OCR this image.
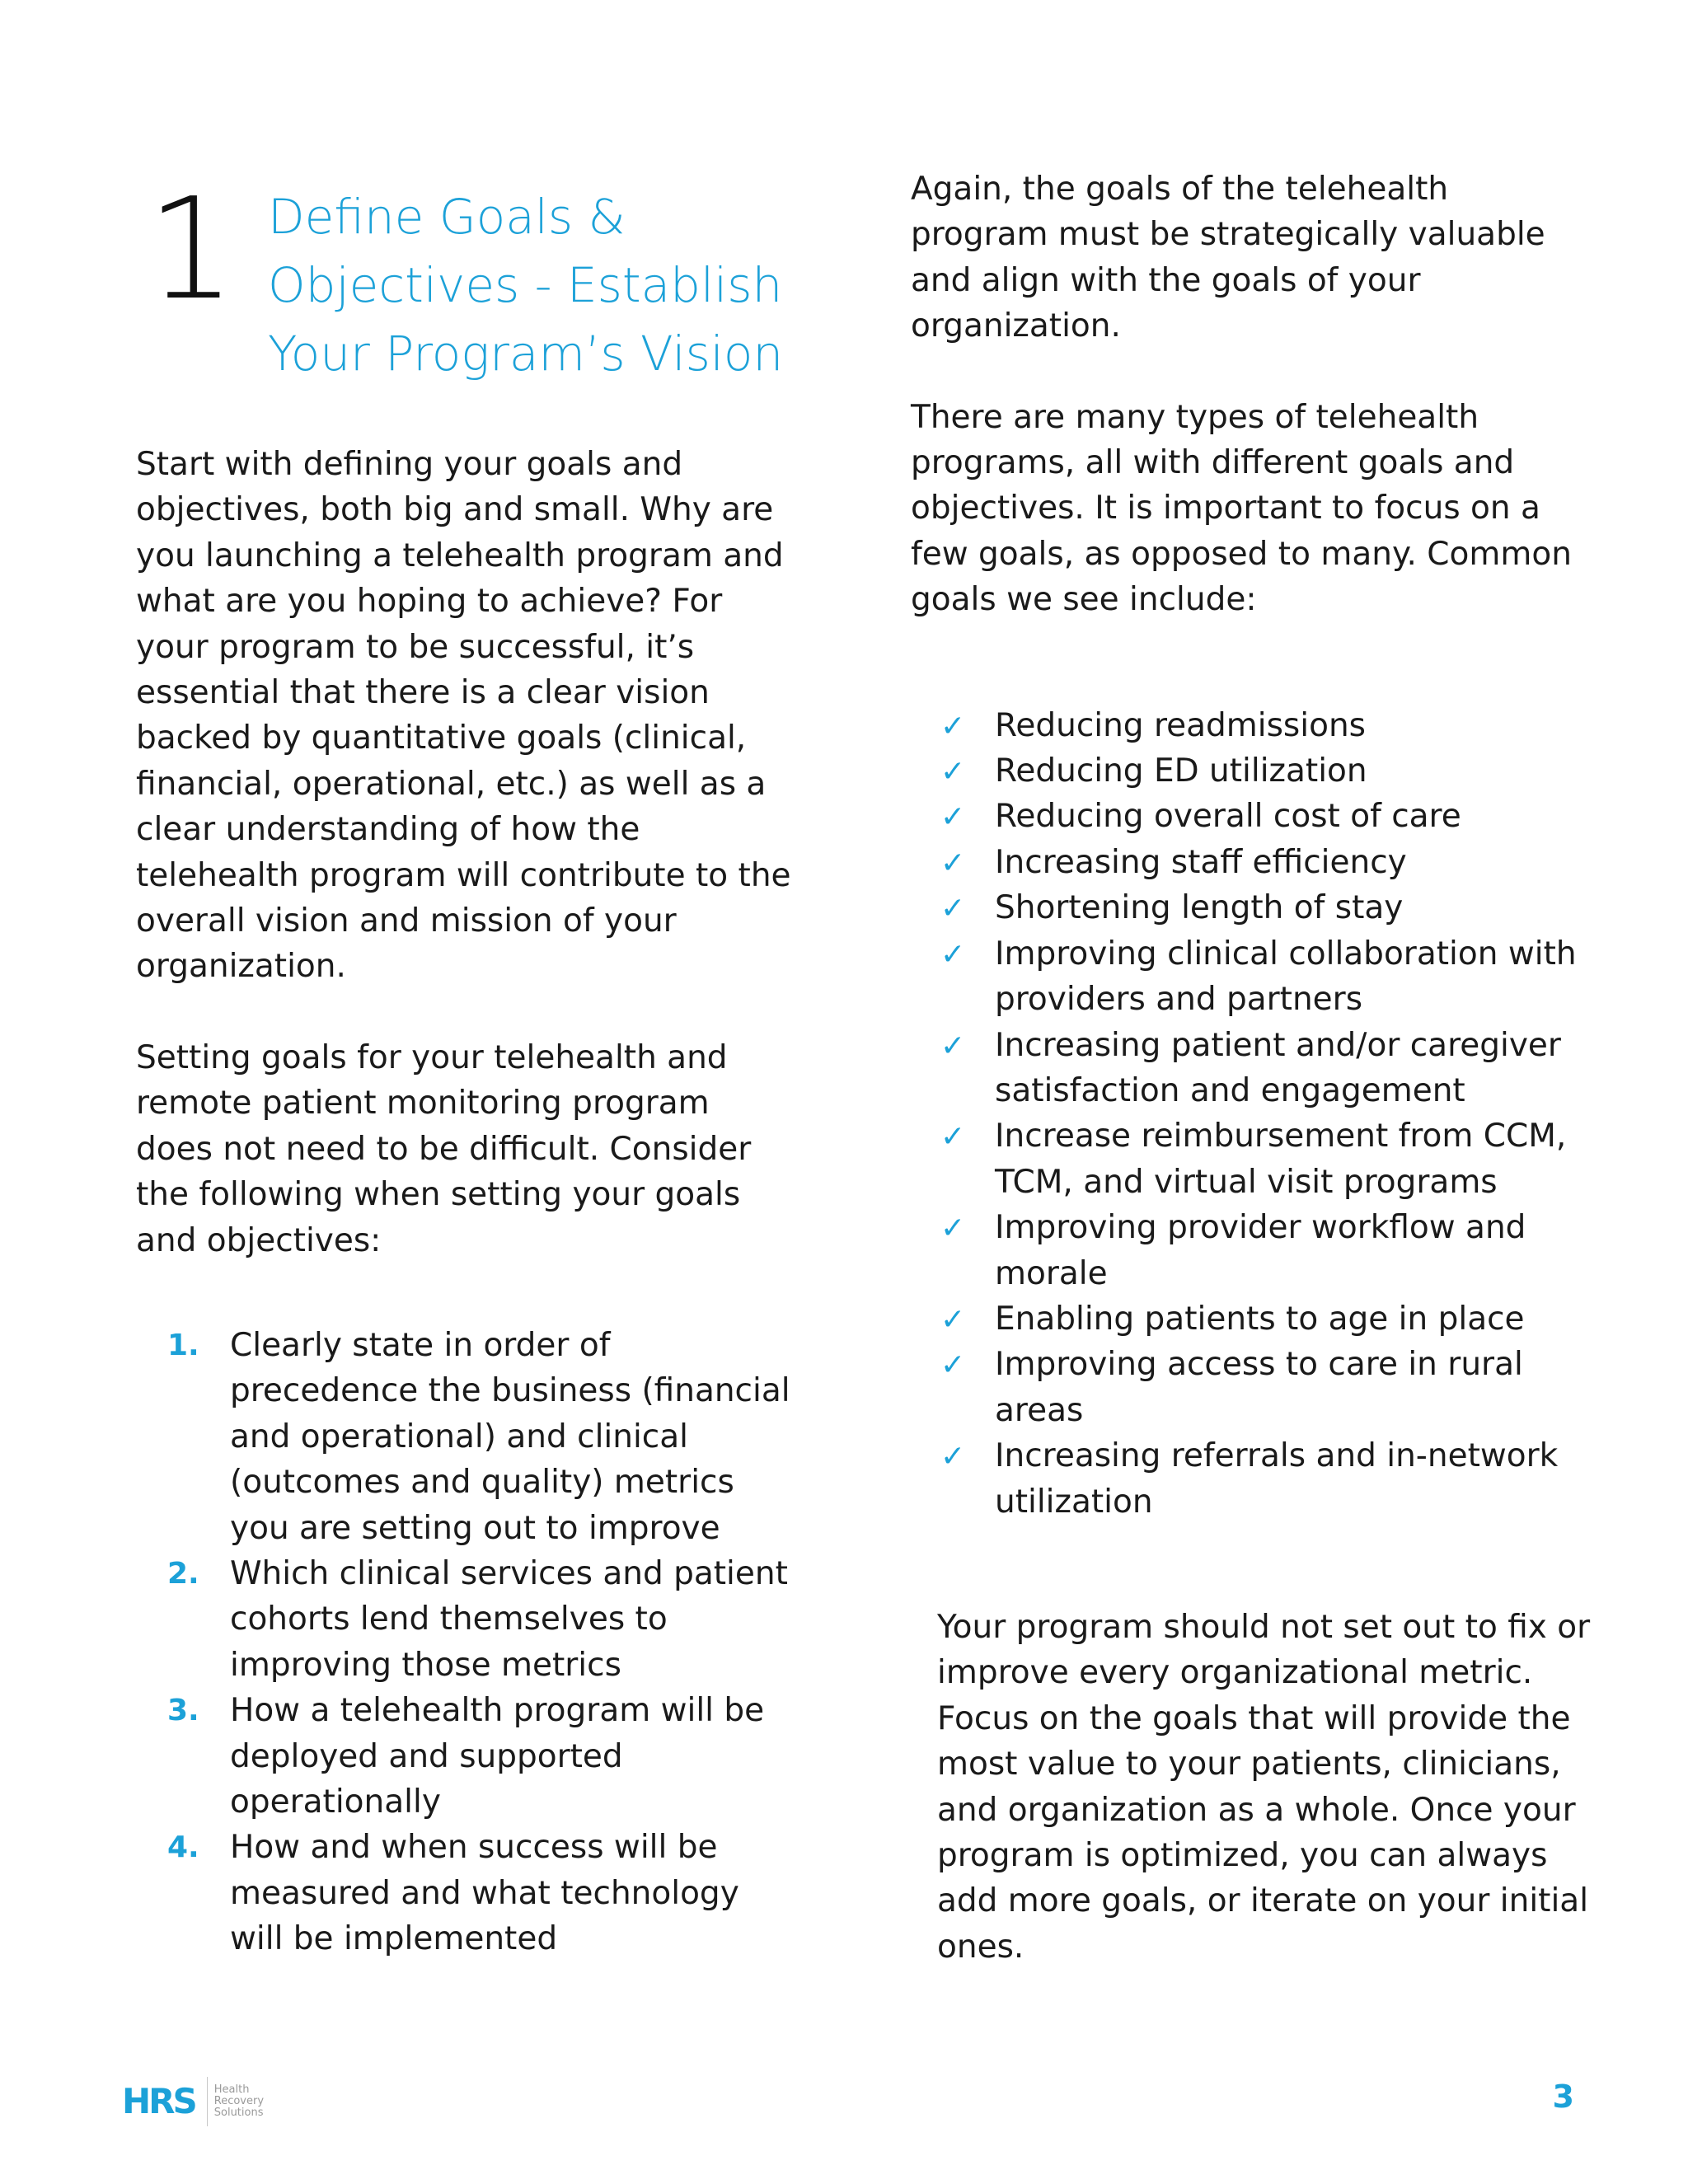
1 Define Goals &
Objectives - Establish
Your Program’s Vision

Start with defining your goals and objectives, both big and small. Why are you launching a telehealth program and what are you hoping to achieve? For your program to be successful, it’s essential that there is a clear vision backed by quantitative goals (clinical, financial, operational, etc.) as well as a clear understanding of how the telehealth program will contribute to the overall vision and mission of your organization.

Setting goals for your telehealth and remote patient monitoring program does not need to be difficult. Consider the following when setting your goals and objectives:

1. Clearly state in order of precedence the business (financial and operational) and clinical (outcomes and quality) metrics you are setting out to improve
2. Which clinical services and patient cohorts lend themselves to improving those metrics
3. How a telehealth program will be deployed and supported operationally
4. How and when success will be measured and what technology will be implemented

Again, the goals of the telehealth program must be strategically valuable and align with the goals of your organization.

There are many types of telehealth programs, all with different goals and objectives. It is important to focus on a few goals, as opposed to many. Common goals we see include:

✓ Reducing readmissions
✓ Reducing ED utilization
✓ Reducing overall cost of care
✓ Increasing staff efficiency
✓ Shortening length of stay
✓ Improving clinical collaboration with providers and partners
✓ Increasing patient and/or caregiver satisfaction and engagement
✓ Increase reimbursement from CCM, TCM, and virtual visit programs
✓ Improving provider workflow and morale
✓ Enabling patients to age in place
✓ Improving access to care in rural areas
✓ Increasing referrals and in-network utilization

Your program should not set out to fix or improve every organizational metric. Focus on the goals that will provide the most value to your patients, clinicians, and organization as a whole. Once your program is optimized, you can always add more goals, or iterate on your initial ones.

HRS	Health
Recovery
Solutions	3
